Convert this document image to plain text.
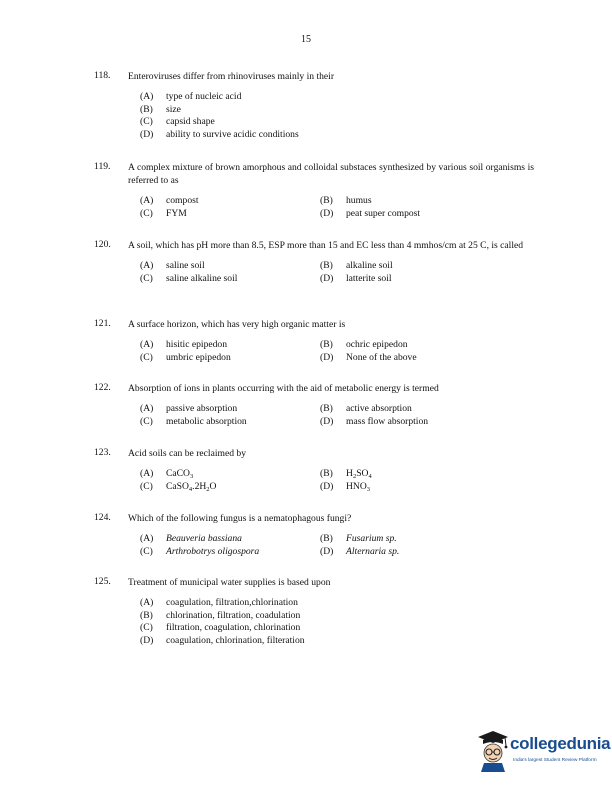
15
118. Enteroviruses differ from rhinoviruses mainly in their
(A)	type of nucleic acid
(B)	size
(C)	capsid shape
(D)	ability to survive acidic conditions
119. A complex mixture of brown amorphous and colloidal substaces synthesized by various soil organisms is referred to as
(A)	compost	(B)	humus
(C)	FYM	(D)	peat super compost
120. A soil, which has pH more than 8.5, ESP more than 15 and EC less than 4 mmhos/cm at 25 C, is called
(A)	saline soil	(B)	alkaline soil
(C)	saline alkaline soil	(D)	latterite soil
121. A surface horizon, which has very high organic matter is
(A)	hisitic epipedon	(B)	ochric epipedon
(C)	umbric epipedon	(D)	None of the above
122. Absorption of ions in plants occurring with the aid of metabolic energy is termed
(A)	passive absorption	(B)	active absorption
(C)	metabolic absorption	(D)	mass flow absorption
123. Acid soils can be reclaimed by
(A)	CaCO$_3$	(B)	$H_2SO_4$
(C)	$CaSO_4.2H_2O$	(D)	$HNO_3$
124. Which of the following fungus is a nematophagous fungi?
(A)	Beauveria bassiana	(B)	Fusarium sp.
(C)	Arthrobotrys oligospora	(D)	Alternaria sp.
125. Treatment of municipal water supplies is based upon
(A)	coagulation, filtration,chlorination
(B)	chlorination, filtration, coadulation
(C)	filtration, coagulation, chlorination
(D)	coagulation, chlorination, filteration
collegedunia
India's largest Student Review Platform
